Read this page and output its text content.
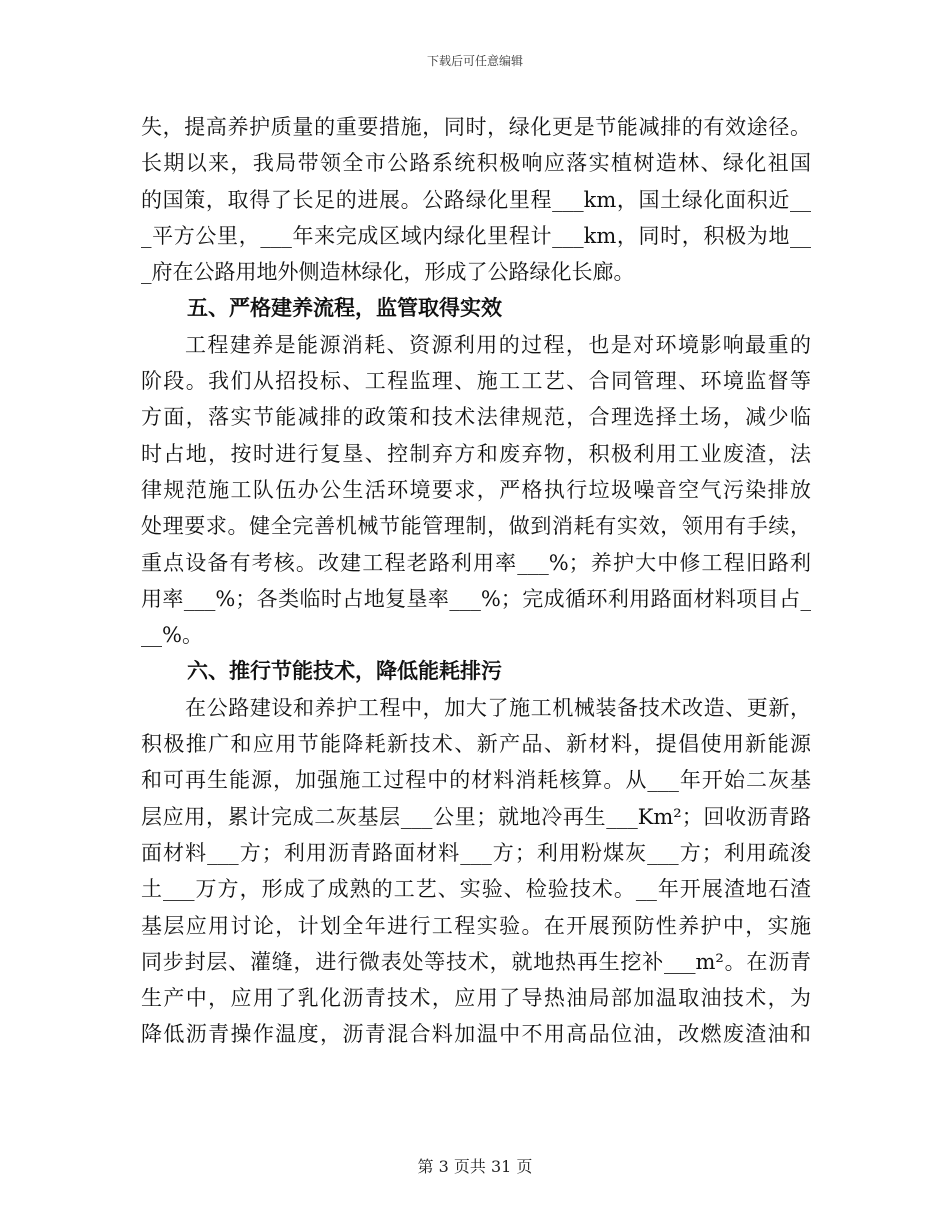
下载后可任意编辑
失，提高养护质量的重要措施，同时，绿化更是节能减排的有效途径。
长期以来，我局带领全市公路系统积极响应落实植树造林、绿化祖国
的国策，取得了长足的进展。公路绿化里程___km，国土绿化面积近__
_平方公里，___年来完成区域内绿化里程计___km，同时，积极为地__
_府在公路用地外侧造林绿化，形成了公路绿化长廊。
五、严格建养流程，监管取得实效
工程建养是能源消耗、资源利用的过程，也是对环境影响最重的
阶段。我们从招投标、工程监理、施工工艺、合同管理、环境监督等
方面，落实节能减排的政策和技术法律规范，合理选择土场，减少临
时占地，按时进行复垦、控制弃方和废弃物，积极利用工业废渣，法
律规范施工队伍办公生活环境要求，严格执行垃圾噪音空气污染排放
处理要求。健全完善机械节能管理制，做到消耗有实效，领用有手续，
重点设备有考核。改建工程老路利用率___%；养护大中修工程旧路利
用率___%；各类临时占地复垦率___%；完成循环利用路面材料项目占_
__%。
六、推行节能技术，降低能耗排污
在公路建设和养护工程中，加大了施工机械装备技术改造、更新，
积极推广和应用节能降耗新技术、新产品、新材料，提倡使用新能源
和可再生能源，加强施工过程中的材料消耗核算。从___年开始二灰基
层应用，累计完成二灰基层___公里；就地冷再生___Km²；回收沥青路
面材料___方；利用沥青路面材料___方；利用粉煤灰___方；利用疏浚
土___万方，形成了成熟的工艺、实验、检验技术。__年开展渣地石渣
基层应用讨论，计划全年进行工程实验。在开展预防性养护中，实施
同步封层、灌缝，进行微表处等技术，就地热再生挖补___m²。在沥青
生产中，应用了乳化沥青技术，应用了导热油局部加温取油技术，为
降低沥青操作温度，沥青混合料加温中不用高品位油，改燃废渣油和
第 3 页共 31 页
